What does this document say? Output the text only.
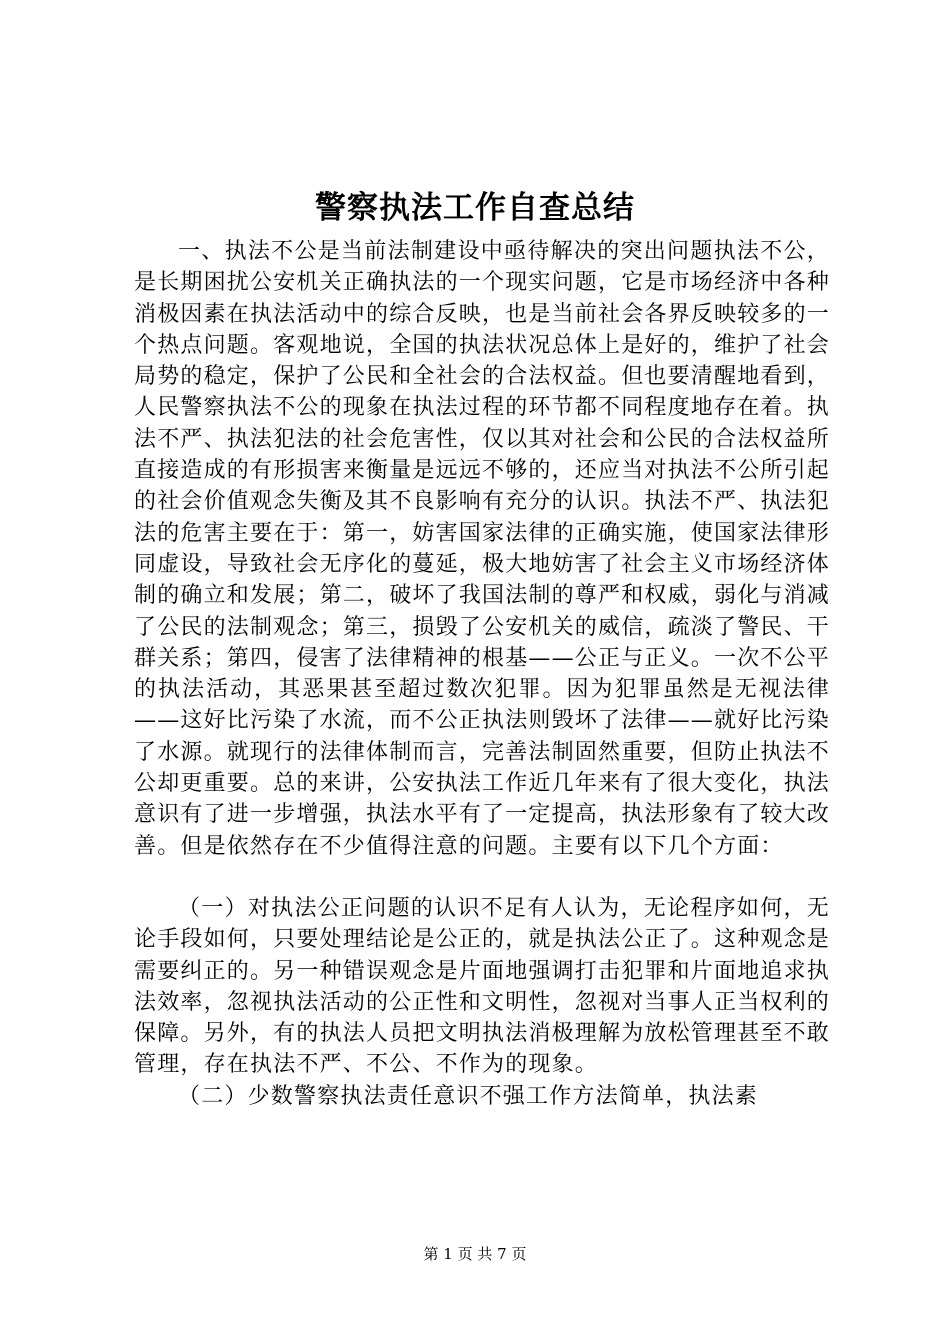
警察执法工作自查总结

一、执法不公是当前法制建设中亟待解决的突出问题执法不公，是长期困扰公安机关正确执法的一个现实问题，它是市场经济中各种消极因素在执法活动中的综合反映，也是当前社会各界反映较多的一个热点问题。客观地说，全国的执法状况总体上是好的，维护了社会局势的稳定，保护了公民和全社会的合法权益。但也要清醒地看到，人民警察执法不公的现象在执法过程的环节都不同程度地存在着。执法不严、执法犯法的社会危害性，仅以其对社会和公民的合法权益所直接造成的有形损害来衡量是远远不够的，还应当对执法不公所引起的社会价值观念失衡及其不良影响有充分的认识。执法不严、执法犯法的危害主要在于：第一，妨害国家法律的正确实施，使国家法律形同虚设，导致社会无序化的蔓延，极大地妨害了社会主义市场经济体制的确立和发展；第二，破坏了我国法制的尊严和权威，弱化与消减了公民的法制观念；第三，损毁了公安机关的威信，疏淡了警民、干群关系；第四，侵害了法律精神的根基——公正与正义。一次不公平的执法活动，其恶果甚至超过数次犯罪。因为犯罪虽然是无视法律——这好比污染了水流，而不公正执法则毁坏了法律——就好比污染了水源。就现行的法律体制而言，完善法制固然重要，但防止执法不公却更重要。总的来讲，公安执法工作近几年来有了很大变化，执法意识有了进一步增强，执法水平有了一定提高，执法形象有了较大改善。但是依然存在不少值得注意的问题。主要有以下几个方面：

（一）对执法公正问题的认识不足有人认为，无论程序如何，无论手段如何，只要处理结论是公正的，就是执法公正了。这种观念是需要纠正的。另一种错误观念是片面地强调打击犯罪和片面地追求执法效率，忽视执法活动的公正性和文明性，忽视对当事人正当权利的保障。另外，有的执法人员把文明执法消极理解为放松管理甚至不敢管理，存在执法不严、不公、不作为的现象。

（二）少数警察执法责任意识不强工作方法简单，执法素

第 1 页 共 7 页
